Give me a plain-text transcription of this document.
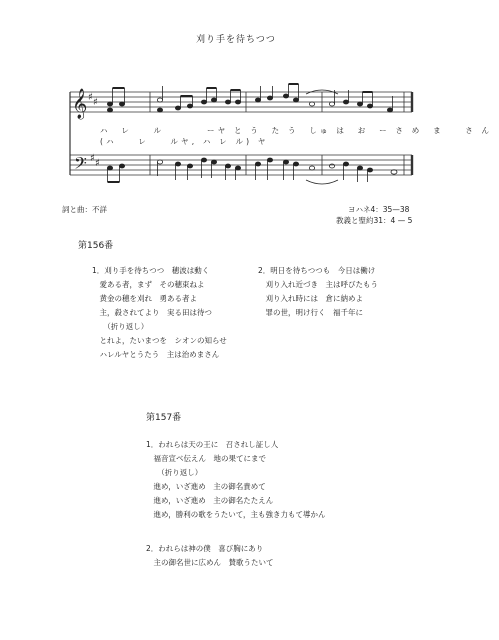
刈り手を待ちつつ
𝄞
𝄢
♯ ♯
♯ ♯
ハ　レ　　ル　　　　ーヤ と う　た う　しゅ は　お　ー さ め　ま　　さ ん
(ハ　　レ　　ルヤ, ハ レ ル) ヤ
詞と曲：不詳	ヨハネ4：35—38
教義と聖約31：4 — 5
第156番
1．刈り手を待ちつつ　穂波は動く
　愛ある者，まず　その穂束ねよ
　黄金の穂を刈れ　勇ある者よ
　主，殺されてより　実る田は待つ
　　（折り返し）
　とれよ，たいまつを　シオンの知らせ
　ハレルヤとうたう　主は治めまさん
2．明日を待ちつつも　今日は働け
　刈り入れ近づき　主は呼びたもう
　刈り入れ時には　倉に納めよ
　罪の世，明け行く　福千年に
第157番
1．われらは天の王に　召されし証し人
　福音宣べ伝えん　地の果てにまで
　　（折り返し）
　進め，いざ進め　主の御名貴めて
　進め，いざ進め　主の御名たたえん
　進め，勝利の歌をうたいて，主も強き力もて導かん
2．われらは神の僕　喜び胸にあり
　主の御名世に広めん　賛歌うたいて
